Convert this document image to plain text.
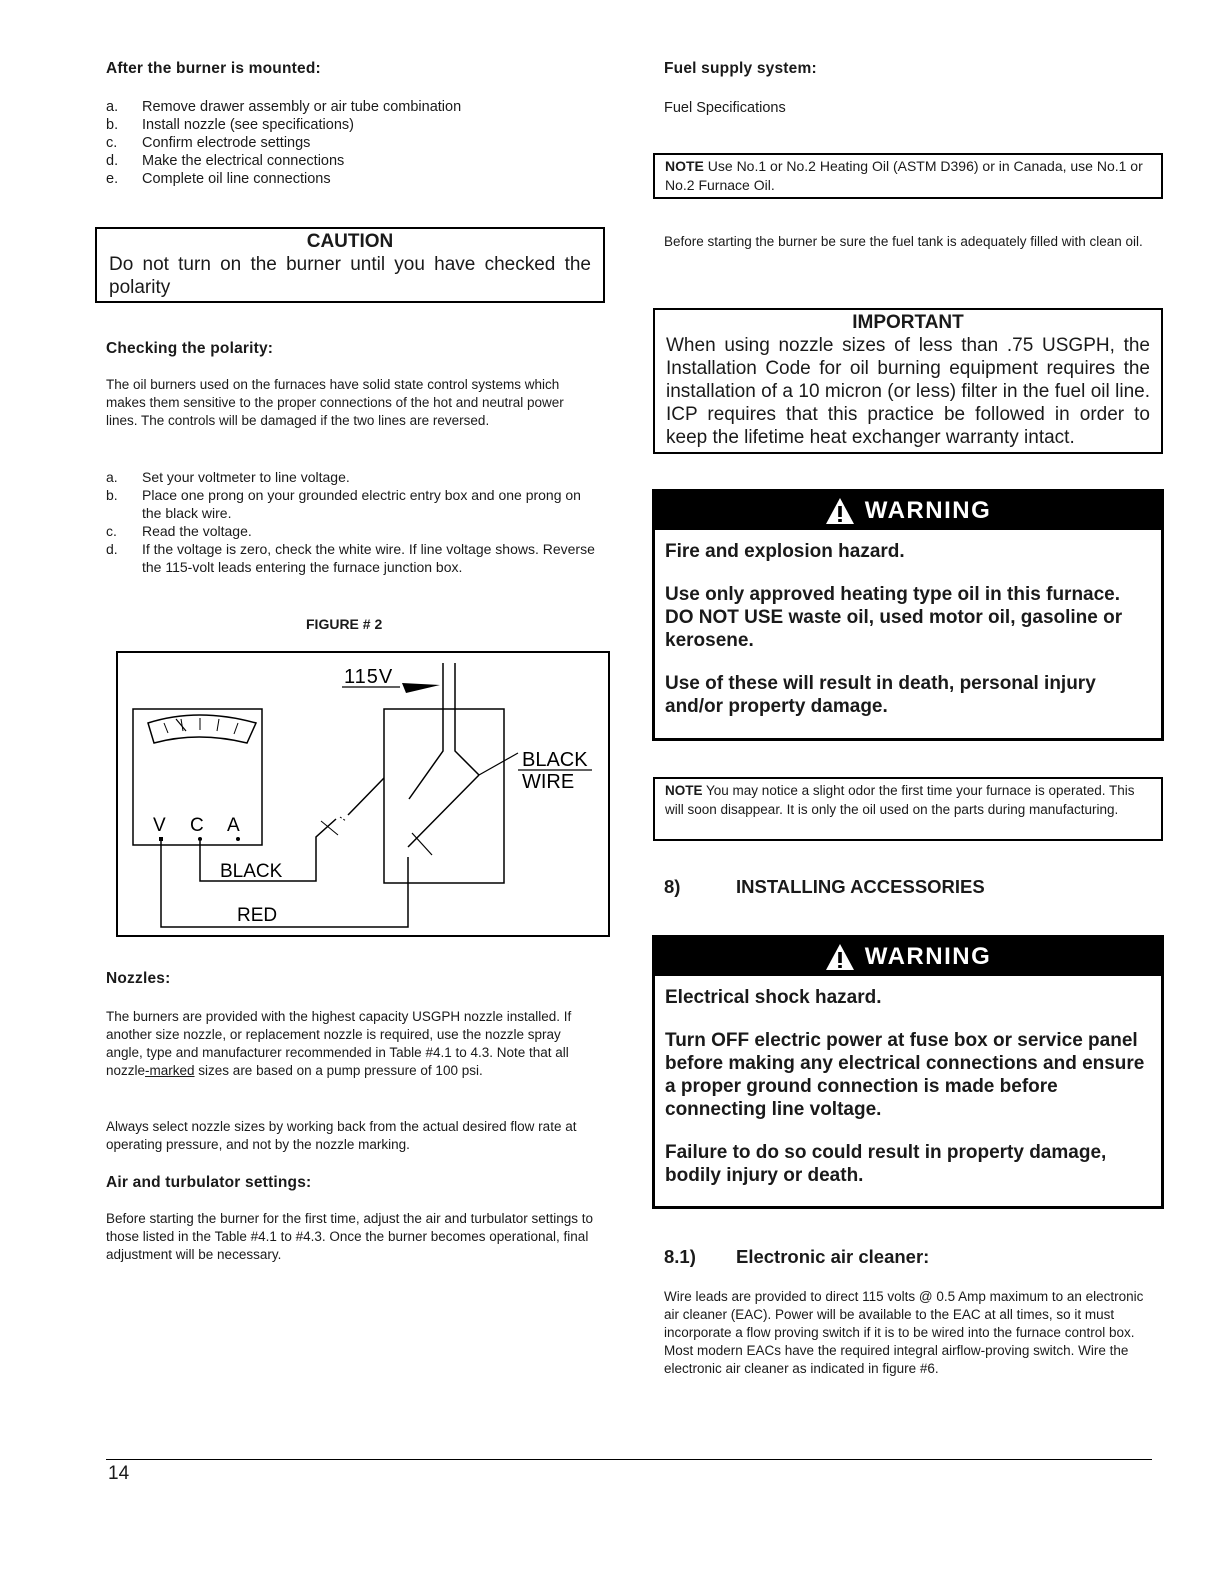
After the burner is mounted:
a. Remove drawer assembly or air tube combination
b. Install nozzle (see specifications)
c. Confirm electrode settings
d. Make the electrical connections
e. Complete oil line connections
CAUTION
Do not turn on the burner until you have checked the polarity
Checking the polarity:

The oil burners used on the furnaces have solid state control systems which makes them sensitive to the proper connections of the hot and neutral power lines. The controls will be damaged if the two lines are reversed.

a. Set your voltmeter to line voltage.
b. Place one prong on your grounded electric entry box and one prong on the black wire.
c. Read the voltage.
d. If the voltage is zero, check the white wire. If line voltage shows. Reverse the 115-volt leads entering the furnace junction box.
FIGURE # 2
V C A
RED
BLACK
115V
BLACK
WIRE
Nozzles:

The burners are provided with the highest capacity USGPH nozzle installed. If another size nozzle, or replacement nozzle is required, use the nozzle spray angle, type and manufacturer recommended in Table #4.1 to 4.3. Note that all nozzle-marked sizes are based on a pump pressure of 100 psi.

Always select nozzle sizes by working back from the actual desired flow rate at operating pressure, and not by the nozzle marking.

Air and turbulator settings:

Before starting the burner for the first time, adjust the air and turbulator settings to those listed in the Table #4.1 to #4.3. Once the burner becomes operational, final adjustment will be necessary.

Fuel supply system:

Fuel Specifications

NOTE Use No.1 or No.2 Heating Oil (ASTM D396) or in Canada, use No.1 or No.2 Furnace Oil.

Before starting the burner be sure the fuel tank is adequately filled with clean oil.

IMPORTANT
When using nozzle sizes of less than .75 USGPH, the Installation Code for oil burning equipment requires the installation of a 10 micron (or less) filter in the fuel oil line. ICP requires that this practice be followed in order to keep the lifetime heat exchanger warranty intact.
WARNING

Fire and explosion hazard.

Use only approved heating type oil in this furnace. DO NOT USE waste oil, used motor oil, gasoline or kerosene.

Use of these will result in death, personal injury and/or property damage.

NOTE You may notice a slight odor the first time your furnace is operated. This will soon disappear. It is only the oil used on the parts during manufacturing.
8)	INSTALLING ACCESSORIES
WARNING

Electrical shock hazard.

Turn OFF electric power at fuse box or service panel before making any electrical connections and ensure a proper ground connection is made before connecting line voltage.

Failure to do so could result in property damage, bodily injury or death.

8.1) Electronic air cleaner:

Wire leads are provided to direct 115 volts @ 0.5 Amp maximum to an electronic air cleaner (EAC). Power will be available to the EAC at all times, so it must incorporate a flow proving switch if it is to be wired into the furnace control box. Most modern EACs have the required integral airflow-proving switch. Wire the electronic air cleaner as indicated in figure #6.

14
